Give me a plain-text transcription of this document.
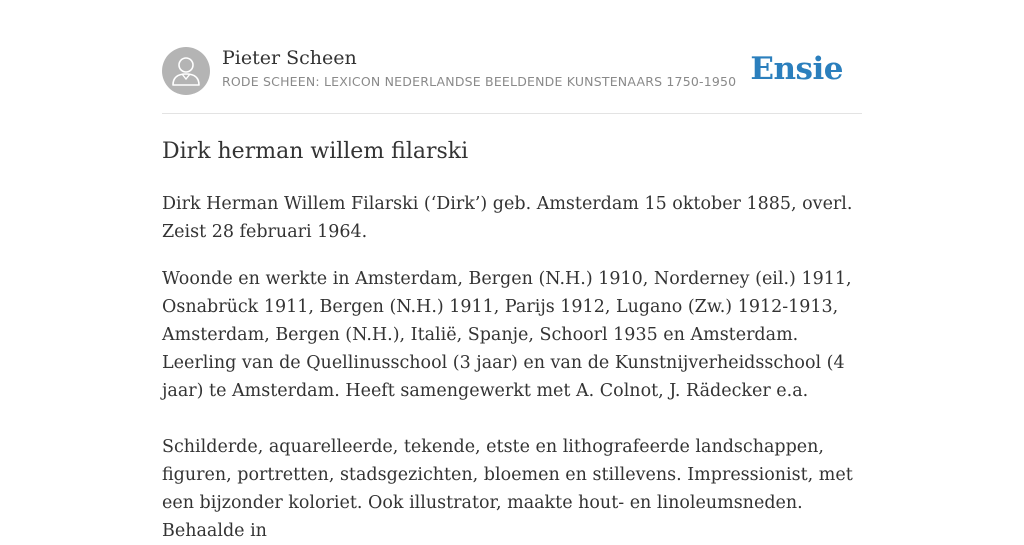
Pieter Scheen
RODE SCHEEN: LEXICON NEDERLANDSE BEELDENDE KUNSTENAARS 1750-1950 Ensie
Dirk herman willem filarski

Dirk Herman Willem Filarski (‘Dirk’) geb. Amsterdam 15 oktober 1885, overl. Zeist 28 februari 1964.

Woonde en werkte in Amsterdam, Bergen (N.H.) 1910, Norderney (eil.) 1911, Osnabrück 1911, Bergen (N.H.) 1911, Parijs 1912, Lugano (Zw.) 1912-1913, Amsterdam, Bergen (N.H.), Italië, Spanje, Schoorl 1935 en Amsterdam. Leerling van de Quellinusschool (3 jaar) en van de Kunstnijverheidsschool (4 jaar) te Amsterdam. Heeft samengewerkt met A. Colnot, J. Rädecker e.a.

Schilderde, aquarelleerde, tekende, etste en lithografeerde landschappen, figuren, portretten, stadsgezichten, bloemen en stillevens. Impressionist, met een bijzonder koloriet. Ook illustrator, maakte hout- en linoleumsneden. Behaalde in
